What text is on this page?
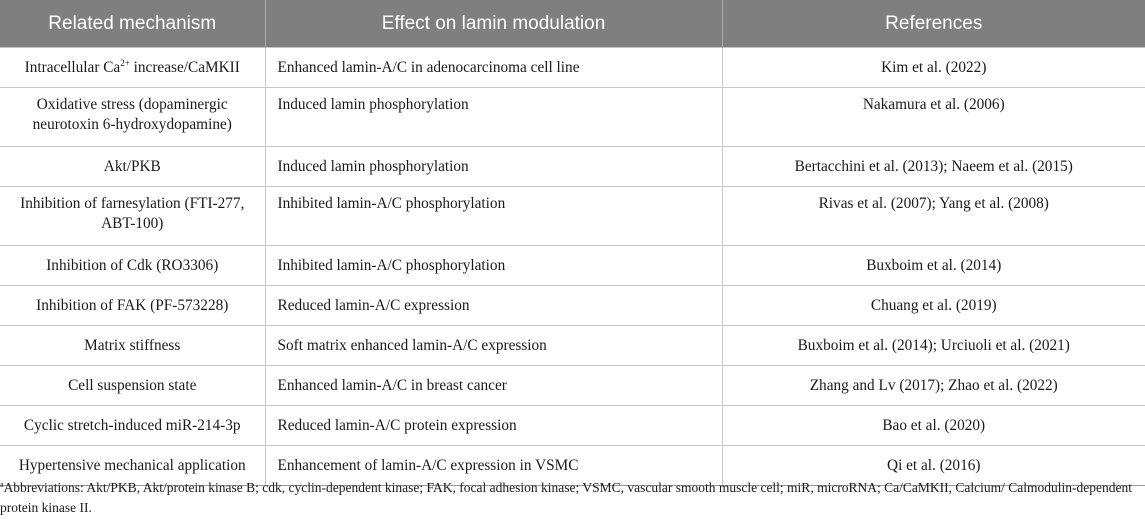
Related mechanism	Effect on lamin modulation	References
Intracellular $Ca^{2+}$ increase/CaMKII	Enhanced lamin-A/C in adenocarcinoma cell line	Kim et al. (2022)
Oxidative stress (dopaminergic neurotoxin 6-hydroxydopamine)	Induced lamin phosphorylation	Nakamura et al. (2006)
Akt/PKB	Induced lamin phosphorylation	Bertacchini et al. (2013); Naeem et al. (2015)
Inhibition of farnesylation (FTI-277, ABT-100)	Inhibited lamin-A/C phosphorylation	Rivas et al. (2007); Yang et al. (2008)
Inhibition of Cdk (RO3306)	Inhibited lamin-A/C phosphorylation	Buxboim et al. (2014)
Inhibition of FAK (PF-573228)	Reduced lamin-A/C expression	Chuang et al. (2019)
Matrix stiffness	Soft matrix enhanced lamin-A/C expression	Buxboim et al. (2014); Urciuoli et al. (2021)
Cell suspension state	Enhanced lamin-A/C in breast cancer	Zhang and Lv (2017); Zhao et al. (2022)
Cyclic stretch-induced miR-214-3p	Reduced lamin-A/C protein expression	Bao et al. (2020)
Hypertensive mechanical application	Enhancement of lamin-A/C expression in VSMC	Qi et al. (2016)
$^a$Abbreviations: Akt/PKB, Akt/protein kinase B; cdk, cyclin-dependent kinase; FAK, focal adhesion kinase; VSMC, vascular smooth muscle cell; miR, microRNA; Ca/CaMKII, Calcium/ Calmodulin-dependent protein kinase II.
